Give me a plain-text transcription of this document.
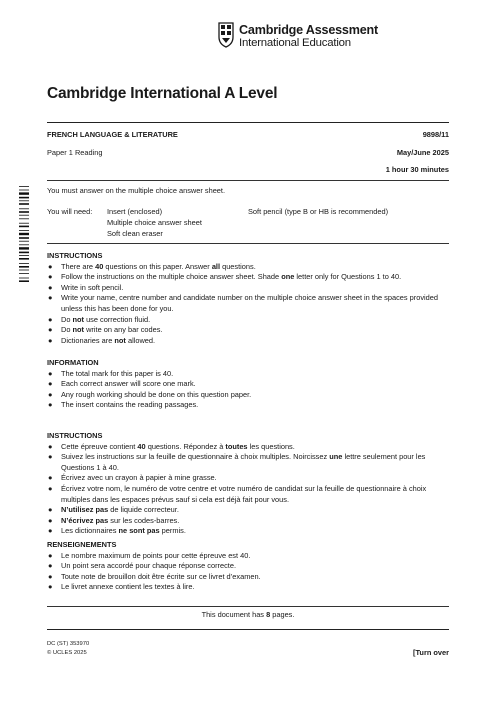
Cambridge Assessment
International Education
Cambridge International A Level
FRENCH LANGUAGE & LITERATURE	9898/11
Paper 1 Reading	May/June 2025
1 hour 30 minutes
You must answer on the multiple choice answer sheet.
You will need: Insert (enclosed)
Multiple choice answer sheet
Soft clean eraser
Soft pencil (type B or HB is recommended)
INSTRUCTIONS
● There are 40 questions on this paper. Answer all questions.
● Follow the instructions on the multiple choice answer sheet. Shade one letter only for Questions 1 to 40.
● Write in soft pencil.
● Write your name, centre number and candidate number on the multiple choice answer sheet in the spaces provided unless this has been done for you.
● Do not use correction fluid.
● Do not write on any bar codes.
● Dictionaries are not allowed.
INFORMATION
● The total mark for this paper is 40.
● Each correct answer will score one mark.
● Any rough working should be done on this question paper.
● The insert contains the reading passages.
INSTRUCTIONS
● Cette épreuve contient 40 questions. Répondez à toutes les questions.
● Suivez les instructions sur la feuille de questionnaire à choix multiples. Noircissez une lettre seulement pour les Questions 1 à 40.
● Écrivez avec un crayon à papier à mine grasse.
● Écrivez votre nom, le numéro de votre centre et votre numéro de candidat sur la feuille de questionnaire à choix multiples dans les espaces prévus sauf si cela est déjà fait pour vous.
● N’utilisez pas de liquide correcteur.
● N’écrivez pas sur les codes-barres.
● Les dictionnaires ne sont pas permis.
RENSEIGNEMENTS
● Le nombre maximum de points pour cette épreuve est 40.
● Un point sera accordé pour chaque réponse correcte.
● Toute note de brouillon doit être écrite sur ce livret d’examen.
● Le livret annexe contient les textes à lire.
This document has 8 pages.
DC (ST) 353970
© UCLES 2025	[Turn over
